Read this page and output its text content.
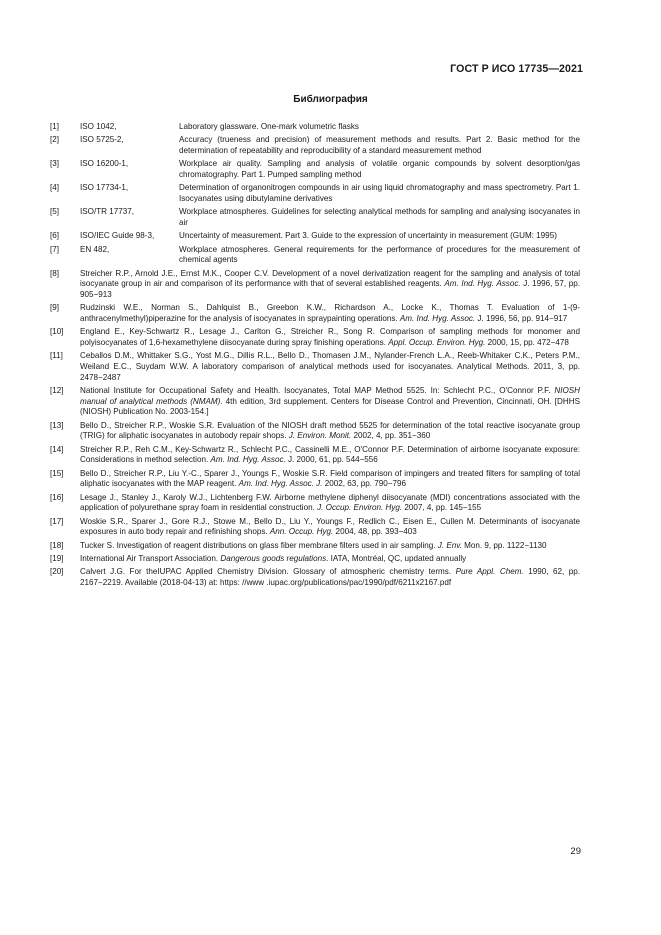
ГОСТ Р ИСО 17735—2021
Библиография
[1]	ISO 1042,	Laboratory glassware. One-mark volumetric flasks
[2]	ISO 5725-2,	Accuracy (trueness and precision) of measurement methods and results. Part 2. Basic method for the determination of repeatability and reproducibility of a standard measurement method
[3]	ISO 16200-1,	Workplace air quality. Sampling and analysis of volatile organic compounds by solvent desorption/gas chromatography. Part 1. Pumped sampling method
[4]	ISO 17734-1,	Determination of organonitrogen compounds in air using liquid chromatography and mass spectrometry. Part 1. Isocyanates using dibutylamine derivatives
[5]	ISO/TR 17737,	Workplace atmospheres. Guidelines for selecting analytical methods for sampling and analysing isocyanates in air
[6]	ISO/IEC Guide 98-3,	Uncertainty of measurement. Part 3. Guide to the expression of uncertainty in measurement (GUM: 1995)
[7]	EN 482,	Workplace atmospheres. General requirements for the performance of procedures for the measurement of chemical agents
[8]	Streicher R.P., Arnold J.E., Ernst M.K., Cooper C.V. Development of a novel derivatization reagent for the sampling and analysis of total isocyanate group in air and comparison of its performance with that of several established reagents. Am. Ind. Hyg. Assoc. J. 1996, 57, pp. 905−913
[9]	Rudzinski W.E., Norman S., Dahlquist B., Greebon K.W., Richardson A., Locke K., Thomas T. Evaluation of 1-(9-anthracenylmethyl)piperazine for the analysis of isocyanates in spraypainting operations. Am. Ind. Hyg. Assoc. J. 1996, 56, pp. 914−917
[10] England E., Key-Schwartz R., Lesage J., Carlton G., Streicher R., Song R. Comparison of sampling methods for monomer and polyisocyanates of 1,6-hexamethylene diisocyanate during spray finishing operations. Appl. Occup. Environ. Hyg. 2000, 15, pp. 472−478
[11] Ceballos D.M., Whittaker S.G., Yost M.G., Dillis R.L., Bello D., Thomasen J.M., Nylander-French L.A., Reeb-Whitaker C.K., Peters P.M., Weiland E.C., Suydam W.W. A laboratory comparison of analytical methods used for isocyanates. Analytical Methods. 2011, 3, pp. 2478−2487
[12] National Institute for Occupational Safety and Health. Isocyanates, Total MAP Method 5525. In: Schlecht P.C., O'Connor P.F. NIOSH manual of analytical methods (NMAM). 4th edition, 3rd supplement. Centers for Disease Control and Prevention, Cincinnati, OH. [DHHS (NIOSH) Publication No. 2003-154.]
[13] Bello D., Streicher R.P., Woskie S.R. Evaluation of the NIOSH draft method 5525 for determination of the total reactive isocyanate group (TRIG) for aliphatic isocyanates in autobody repair shops. J. Environ. Monit. 2002, 4, pp. 351−360
[14] Streicher R.P., Reh C.M., Key-Schwartz R., Schlecht P.C., Cassinelli M.E., O'Connor P.F. Determination of airborne isocyanate exposure: Considerations in method selection. Am. Ind. Hyg. Assoc. J. 2000, 61, pp. 544−556
[15] Bello D., Streicher R.P., Liu Y.-C., Sparer J., Youngs F., Woskie S.R. Field comparison of impingers and treated filters for sampling of total aliphatic isocyanates with the MAP reagent. Am. Ind. Hyg. Assoc. J. 2002, 63, pp. 790−796
[16] Lesage J., Stanley J., Karoly W.J., Lichtenberg F.W. Airborne methylene diphenyl diisocyanate (MDI) concentrations associated with the application of polyurethane spray foam in residential construction. J. Occup. Environ. Hyg. 2007, 4, pp. 145−155
[17] Woskie S.R., Sparer J., Gore R.J., Stowe M., Bello D., Liu Y., Youngs F., Redlich C., Eisen E., Cullen M. Determinants of isocyanate exposures in auto body repair and refinishing shops. Ann. Occup. Hyg. 2004, 48, pp. 393−403
[18] Tucker S. Investigation of reagent distributions on glass fiber membrane filters used in air sampling. J. Env. Mon. 9, pp. 1122−1130
[19] International Air Transport Association. Dangerous goods regulations. IATA, Montréal, QC, updated annually
[20] Calvert J.G. For theIUPAC Applied Chemistry Division. Glossary of atmospheric chemistry terms. Pure Appl. Chem. 1990, 62, pp. 2167−2219. Available (2018-04-13) at: https: //www .iupac.org/publications/pac/1990/pdf/6211x2167.pdf
29
